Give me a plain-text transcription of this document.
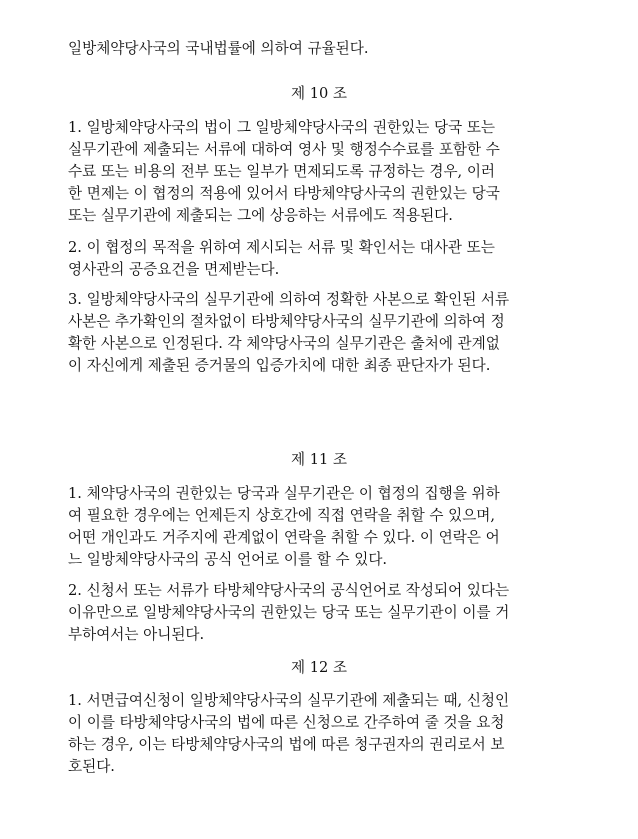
일방체약당사국의 국내법률에 의하여 규율된다.

제 10 조

1. 일방체약당사국의 법이 그 일방체약당사국의 권한있는 당국 또는

실무기관에 제출되는 서류에 대하여 영사 및 행정수수료를 포함한 수

수료 또는 비용의 전부 또는 일부가 면제되도록 규정하는 경우, 이러

한 면제는 이 협정의 적용에 있어서 타방체약당사국의 권한있는 당국

또는 실무기관에 제출되는 그에 상응하는 서류에도 적용된다.

2. 이 협정의 목적을 위하여 제시되는 서류 및 확인서는 대사관 또는

영사관의 공증요건을 면제받는다.

3. 일방체약당사국의 실무기관에 의하여 정확한 사본으로 확인된 서류

사본은 추가확인의 절차없이 타방체약당사국의 실무기관에 의하여 정

확한 사본으로 인정된다. 각 체약당사국의 실무기관은 출처에 관계없

이 자신에게 제출된 증거물의 입증가치에 대한 최종 판단자가 된다.

제 11 조

1. 체약당사국의 권한있는 당국과 실무기관은 이 협정의 집행을 위하

여 필요한 경우에는 언제든지 상호간에 직접 연락을 취할 수 있으며,

어떤 개인과도 거주지에 관계없이 연락을 취할 수 있다. 이 연락은 어

느 일방체약당사국의 공식 언어로 이를 할 수 있다.

2. 신청서 또는 서류가 타방체약당사국의 공식언어로 작성되어 있다는

이유만으로 일방체약당사국의 권한있는 당국 또는 실무기관이 이를 거

부하여서는 아니된다.

제 12 조

1. 서면급여신청이 일방체약당사국의 실무기관에 제출되는 때, 신청인

이 이를 타방체약당사국의 법에 따른 신청으로 간주하여 줄 것을 요청

하는 경우, 이는 타방체약당사국의 법에 따른 청구권자의 권리로서 보

호된다.
